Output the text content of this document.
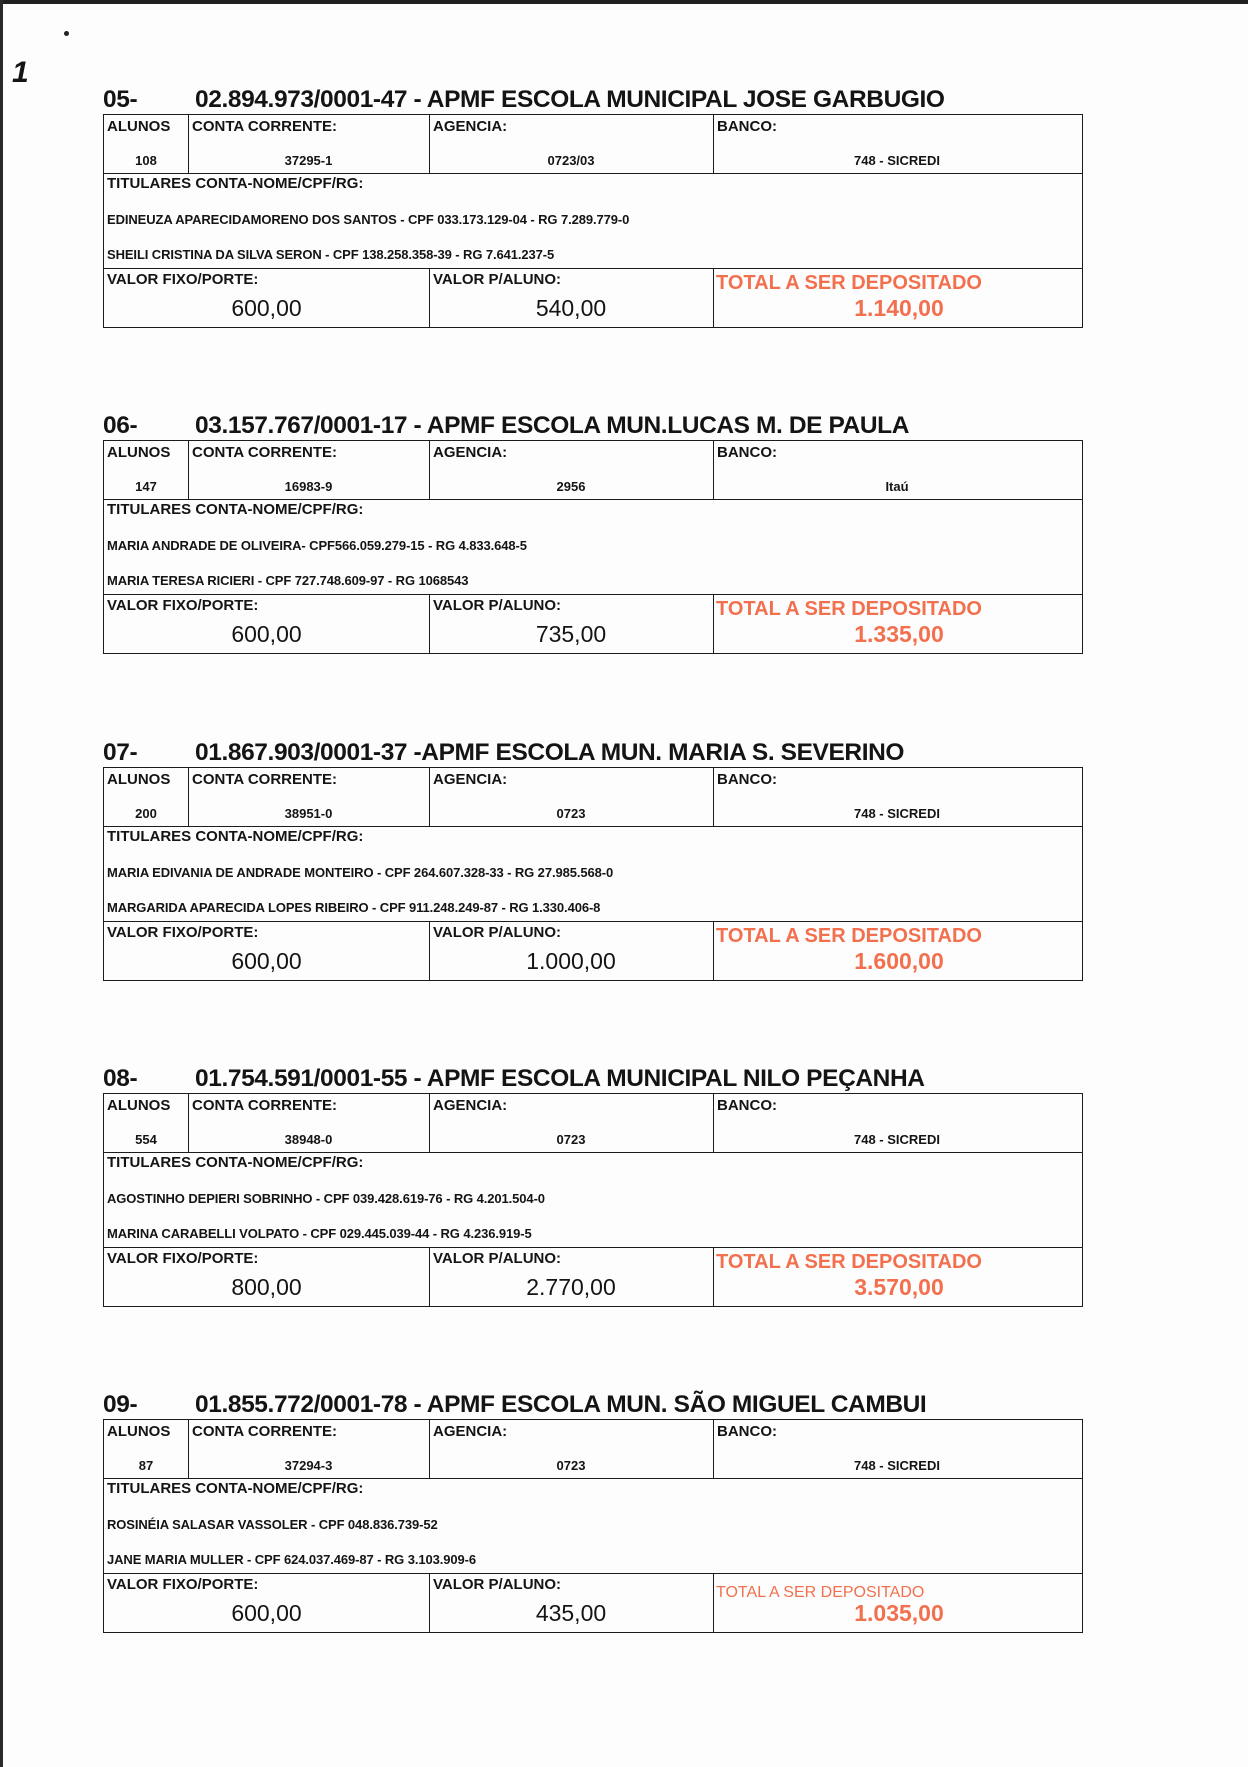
1
05- 02.894.973/0001-47 - APMF ESCOLA MUNICIPAL JOSE GARBUGIO
ALUNOS CONTA CORRENTE:	AGENCIA:	BANCO:
108	37295-1	0723/03	748 - SICREDI
TITULARES CONTA-NOME/CPF/RG:
EDINEUZA APARECIDAMORENO DOS SANTOS - CPF 033.173.129-04 - RG 7.289.779-0
SHEILI CRISTINA DA SILVA SERON - CPF 138.258.358-39 - RG 7.641.237-5
VALOR FIXO/PORTE:	VALOR P/ALUNO:	TOTAL A SER DEPOSITADO
600,00	540,00	1.140,00
06- 03.157.767/0001-17 - APMF ESCOLA MUN.LUCAS M. DE PAULA
ALUNOS CONTA CORRENTE:	AGENCIA:	BANCO:
147	16983-9	2956	Itaú
TITULARES CONTA-NOME/CPF/RG:
MARIA ANDRADE DE OLIVEIRA- CPF566.059.279-15 - RG 4.833.648-5
MARIA TERESA RICIERI - CPF 727.748.609-97 - RG 1068543
VALOR FIXO/PORTE:	VALOR P/ALUNO:	TOTAL A SER DEPOSITADO
600,00	735,00	1.335,00
07- 01.867.903/0001-37 -APMF ESCOLA MUN. MARIA S. SEVERINO
ALUNOS CONTA CORRENTE:	AGENCIA:	BANCO:
200	38951-0	0723	748 - SICREDI
TITULARES CONTA-NOME/CPF/RG:
MARIA EDIVANIA DE ANDRADE MONTEIRO - CPF 264.607.328-33 - RG 27.985.568-0
MARGARIDA APARECIDA LOPES RIBEIRO - CPF 911.248.249-87 - RG 1.330.406-8
VALOR FIXO/PORTE:	VALOR P/ALUNO:	TOTAL A SER DEPOSITADO
600,00	1.000,00	1.600,00
08- 01.754.591/0001-55 - APMF ESCOLA MUNICIPAL NILO PEÇANHA
ALUNOS CONTA CORRENTE:	AGENCIA:	BANCO:
554	38948-0	0723	748 - SICREDI
TITULARES CONTA-NOME/CPF/RG:
AGOSTINHO DEPIERI SOBRINHO - CPF 039.428.619-76 - RG 4.201.504-0
MARINA CARABELLI VOLPATO - CPF 029.445.039-44 - RG 4.236.919-5
VALOR FIXO/PORTE:	VALOR P/ALUNO:	TOTAL A SER DEPOSITADO
800,00	2.770,00	3.570,00
09- 01.855.772/0001-78 - APMF ESCOLA MUN. SÃO MIGUEL CAMBUI
ALUNOS CONTA CORRENTE:	AGENCIA:	BANCO:
87	37294-3	0723	748 - SICREDI
TITULARES CONTA-NOME/CPF/RG:
ROSINÉIA SALASAR VASSOLER - CPF 048.836.739-52
JANE MARIA MULLER - CPF 624.037.469-87 - RG 3.103.909-6
VALOR FIXO/PORTE:	VALOR P/ALUNO:	TOTAL A SER DEPOSITADO
600,00	435,00	1.035,00
